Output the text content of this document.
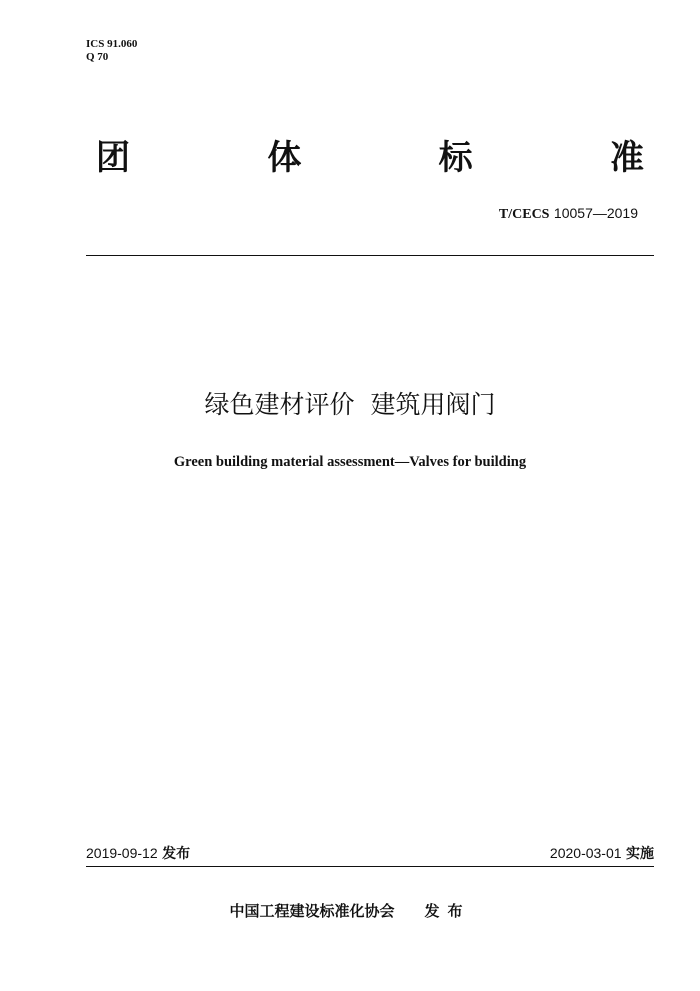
ICS 91.060
Q 70
团	体	标	准
T/CECS 10057—2019
绿色建材评价  建筑用阀门
Green building material assessment—Valves for building
2019-09-12 发布	2020-03-01 实施
中国工程建设标准化协会 发布
